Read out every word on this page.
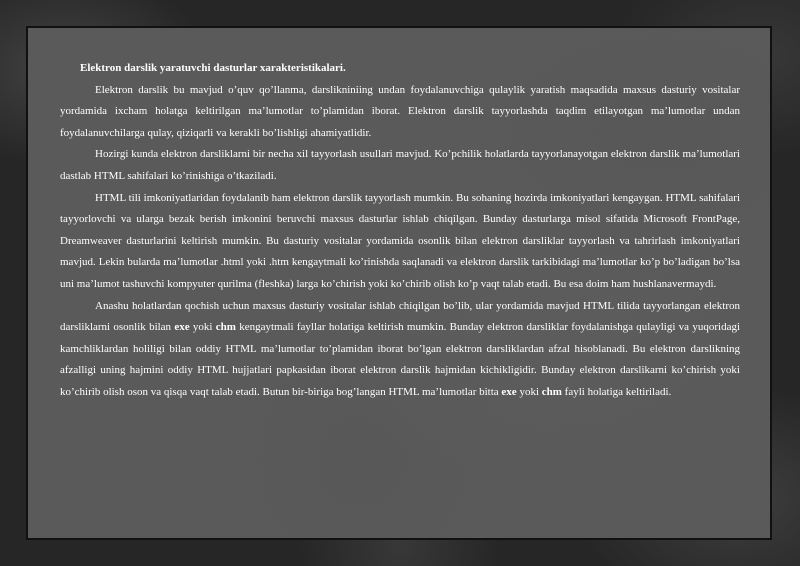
Elektron darslik yaratuvchi dasturlar xarakteristikalari.

Elektron darslik bu mavjud o’quv qo’llanma, darslikniniing undan foydalanuvchiga qulaylik yaratish maqsadida maxsus dasturiy vositalar yordamida ixcham holatga keltirilgan ma’lumotlar to’plamidan iborat. Elektron darslik tayyorlashda taqdim etilayotgan ma’lumotlar undan foydalanuvchilarga qulay, qiziqarli va kerakli bo’lishligi ahamiyatlidir.

Hozirgi kunda elektron darsliklarni bir necha xil tayyorlash usullari mavjud. Ko’pchilik holatlarda tayyorlanayotgan elektron darslik ma’lumotlari dastlab HTML sahifalari ko’rinishiga o’tkaziladi.

HTML tili imkoniyatlaridan foydalanib ham elektron darslik tayyorlash mumkin. Bu sohaning hozirda imkoniyatlari kengaygan. HTML sahifalari tayyorlovchi va ularga bezak berish imkonini beruvchi maxsus dasturlar ishlab chiqilgan. Bunday dasturlarga misol sifatida Microsoft FrontPage, Dreamweaver dasturlarini keltirish mumkin. Bu dasturiy vositalar yordamida osonlik bilan elektron darsliklar tayyorlash va tahrirlash imkoniyatlari mavjud. Lekin bularda ma’lumotlar .html yoki .htm kengaytmali ko’rinishda saqlanadi va elektron darslik tarkibidagi ma’lumotlar ko’p bo’ladigan bo’lsa uni ma’lumot tashuvchi kompyuter qurilma (fleshka) larga ko’chirish yoki ko’chirib olish ko’p vaqt talab etadi. Bu esa doim ham hushlanavermaydi.

Anashu holatlardan qochish uchun maxsus dasturiy vositalar ishlab chiqilgan bo’lib, ular yordamida mavjud HTML tilida tayyorlangan elektron darsliklarni osonlik bilan exe yoki chm kengaytmali fayllar holatiga keltirish mumkin. Bunday elektron darsliklar foydalanishga qulayligi va yuqoridagi kamchliklardan holiligi bilan oddiy HTML ma’lumotlar to’plamidan iborat bo’lgan elektron darsliklardan afzal hisoblanadi. Bu elektron darslikning afzalligi uning hajmini oddiy HTML hujjatlari papkasidan iborat elektron darslik hajmidan kichikligidir. Bunday elektron darslikarni ko’chirish yoki ko’chirib olish oson va qisqa vaqt talab etadi. Butun bir-biriga bog’langan HTML ma’lumotlar bitta exe yoki chm fayli holatiga keltiriladi.
